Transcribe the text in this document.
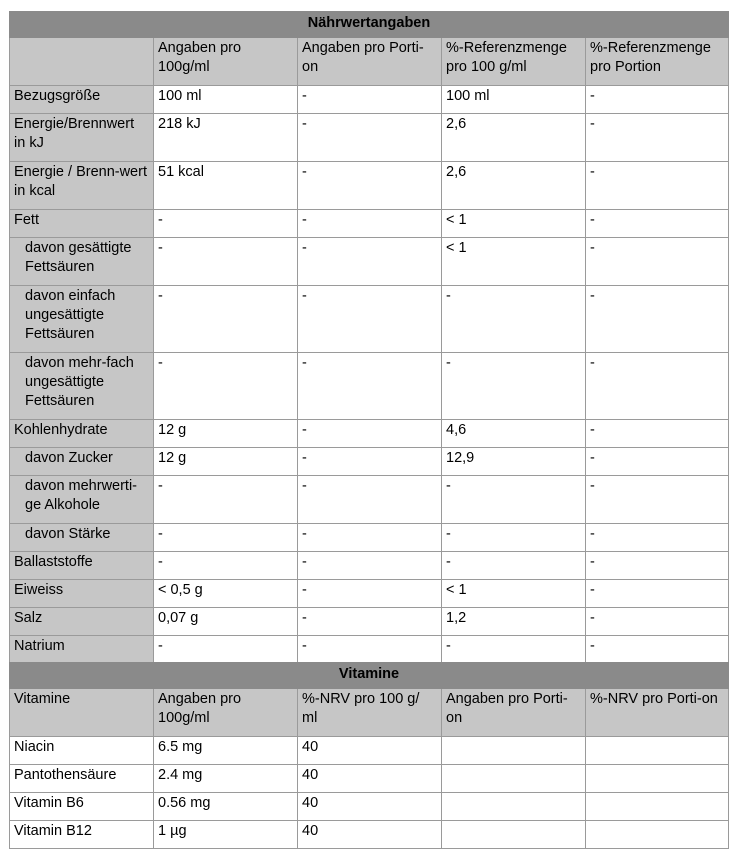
Nährwertangaben				
	Angaben pro 100g/ml	Angaben pro Porti-on	%-Referenzmenge pro 100 g/ml	%-Referenzmenge pro Portion
Bezugsgröße	100 ml	-	100 ml	-
Energie/Brennwert in kJ	218 kJ	-	2,6	-
Energie / Brenn-wert in kcal	51 kcal	-	2,6	-
Fett	-	-	< 1	-
davon gesättigte Fettsäuren	-	-	< 1	-
davon einfach ungesättigte Fettsäuren	-	-	-	-
davon mehr-fach ungesättigte Fettsäuren	-	-	-	-
Kohlenhydrate	12 g	-	4,6	-
davon Zucker	12 g	-	12,9	-
davon mehrwerti-ge Alkohole	-	-	-	-
davon Stärke	-	-	-	-
Ballaststoffe	-	-	-	-
Eiweiss	< 0,5 g	-	< 1	-
Salz	0,07 g	-	1,2	-
Natrium	-	-	-	-
Vitamine				
Vitamine	Angaben pro 100g/ml	%-NRV pro 100 g/ ml	Angaben pro Porti-on	%-NRV pro Porti-on
Niacin	6.5 mg	40		
Pantothensäure	2.4 mg	40		
Vitamin B6	0.56 mg	40		
Vitamin B12	1 µg	40		
